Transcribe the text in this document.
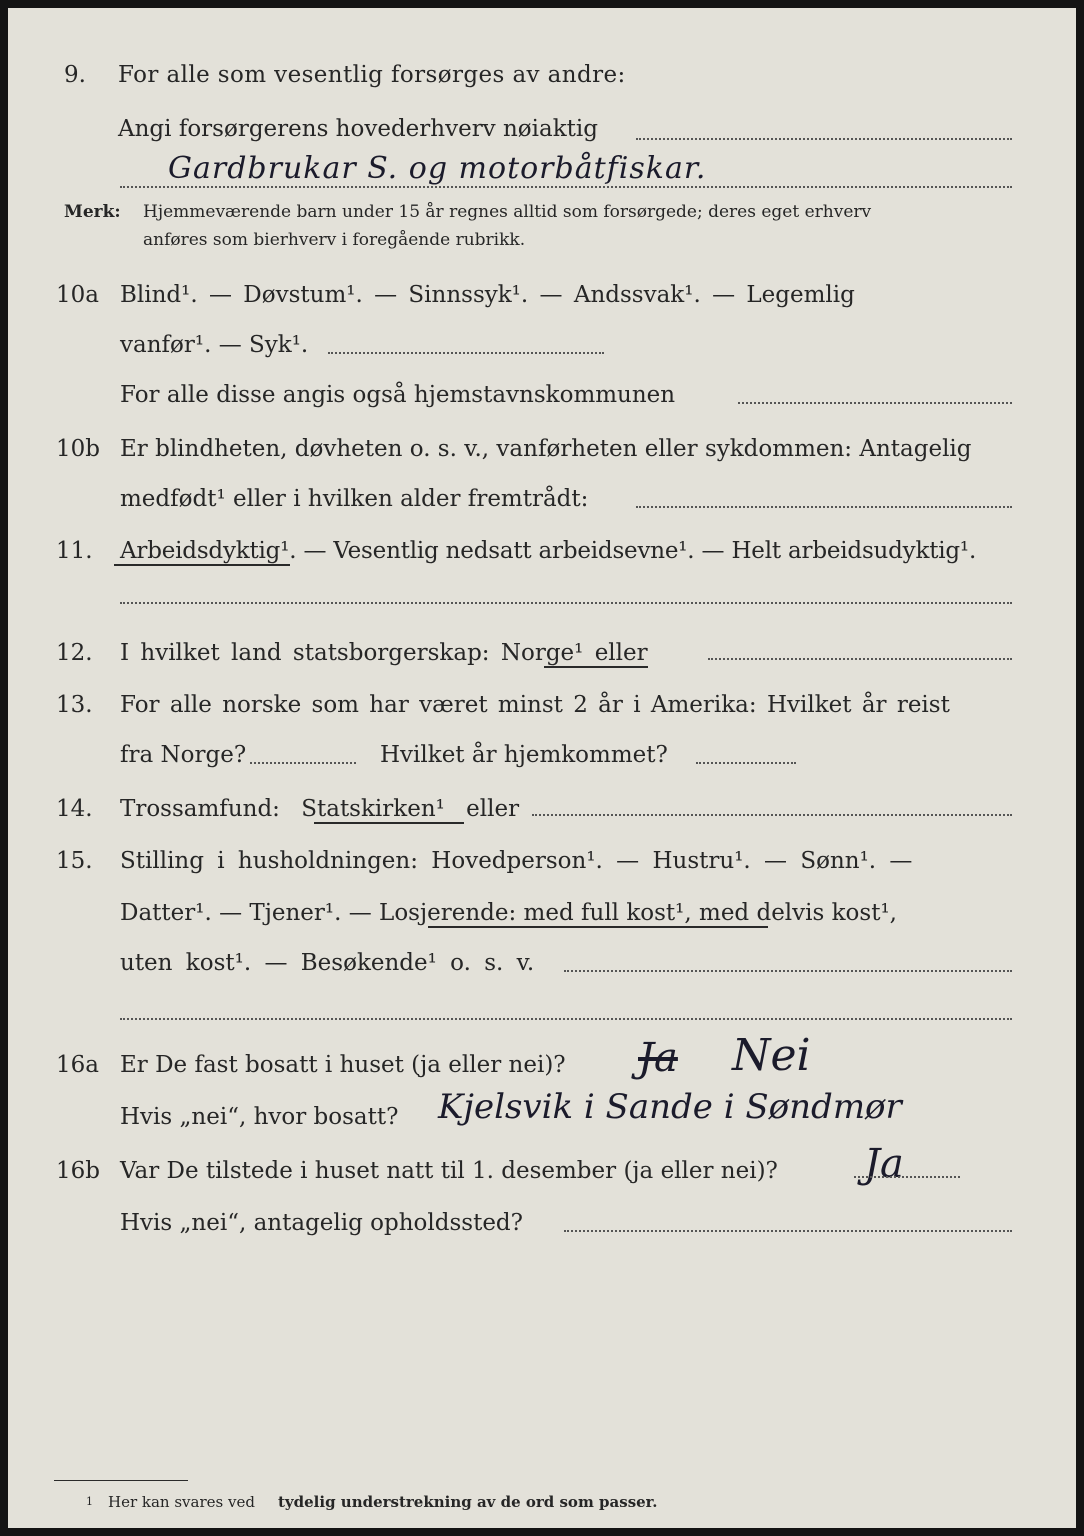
9. For alle som vesentlig forsørges av andre:
Angi forsørgerens hovederhverv nøiaktig
Gardbrukar S. og motorbåtfiskar.
Merk: Hjemmeværende barn under 15 år regnes alltid som forsørgede; deres eget erhverv
anføres som bierhverv i foregående rubrikk.
10a Blind¹. — Døvstum¹. — Sinnssyk¹. — Andssvak¹. — Legemlig
vanfør¹. — Syk¹.
For alle disse angis også hjemstavnskommunen
10b Er blindheten, døvheten o. s. v., vanførheten eller sykdommen: Antagelig
medfødt¹ eller i hvilken alder fremtrådt:
11. Arbeidsdyktig¹. — Vesentlig nedsatt arbeidsevne¹. — Helt arbeidsudyktig¹.
12. I hvilket land statsborgerskap: Norge¹ eller
13. For alle norske som har været minst 2 år i Amerika: Hvilket år reist
fra Norge?	Hvilket år hjemkommet?
14. Trossamfund: Statskirken¹ eller
15. Stilling i husholdningen: Hovedperson¹. — Hustru¹. — Sønn¹. —
Datter¹. — Tjener¹. — Losjerende: med full kost¹, med delvis kost¹,
uten kost¹. — Besøkende¹ o. s. v.
16a Er De fast bosatt i huset (ja eller nei)? Ja Nei
Hvis „nei“, hvor bosatt? Kjelsvik i Sande i Søndmør
16b Var De tilstede i huset natt til 1. desember (ja eller nei)? Ja
Hvis „nei“, antagelig opholdssted?
1 Her kan svares ved tydelig understrekning av de ord som passer.
